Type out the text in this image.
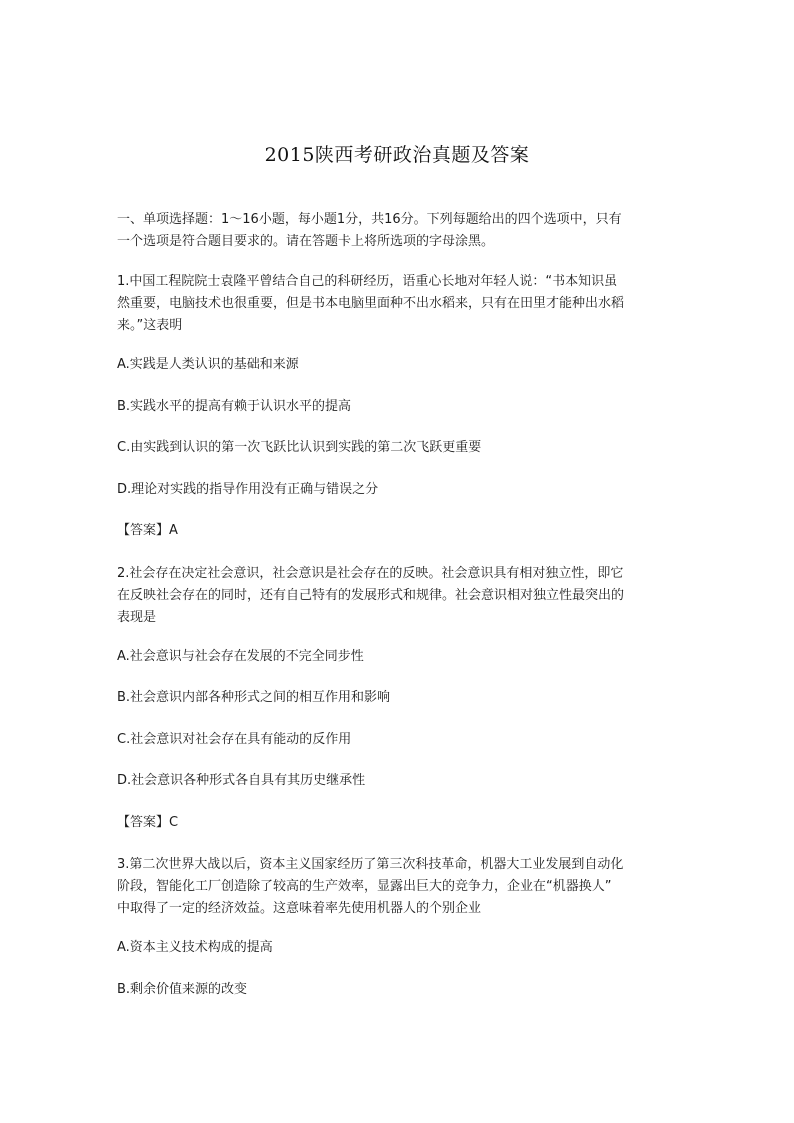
2015陕西考研政治真题及答案
一、单项选择题：1～16小题，每小题1分，共16分。下列每题给出的四个选项中，只有
一个选项是符合题目要求的。请在答题卡上将所选项的字母涂黑。
1.中国工程院院士袁隆平曾结合自己的科研经历，语重心长地对年轻人说：“书本知识虽
然重要，电脑技术也很重要，但是书本电脑里面种不出水稻来，只有在田里才能种出水稻
来。”这表明
A.实践是人类认识的基础和来源
B.实践水平的提高有赖于认识水平的提高
C.由实践到认识的第一次飞跃比认识到实践的第二次飞跃更重要
D.理论对实践的指导作用没有正确与错误之分
【答案】A
2.社会存在决定社会意识，社会意识是社会存在的反映。社会意识具有相对独立性，即它
在反映社会存在的同时，还有自己特有的发展形式和规律。社会意识相对独立性最突出的
表现是
A.社会意识与社会存在发展的不完全同步性
B.社会意识内部各种形式之间的相互作用和影响
C.社会意识对社会存在具有能动的反作用
D.社会意识各种形式各自具有其历史继承性
【答案】C
3.第二次世界大战以后，资本主义国家经历了第三次科技革命，机器大工业发展到自动化
阶段，智能化工厂创造除了较高的生产效率，显露出巨大的竞争力，企业在“机器换人”
中取得了一定的经济效益。这意味着率先使用机器人的个别企业
A.资本主义技术构成的提高
B.剩余价值来源的改变
